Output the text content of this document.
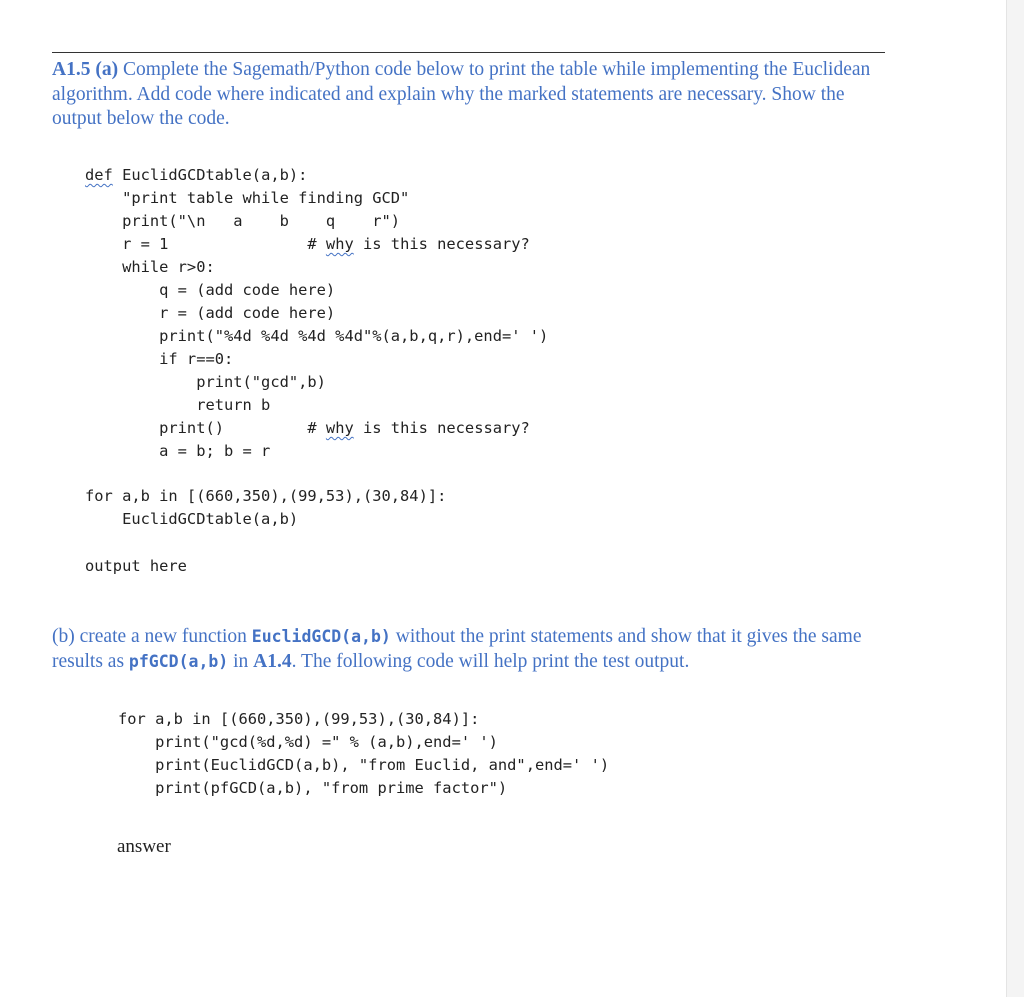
A1.5 (a) Complete the Sagemath/Python code below to print the table while implementing the Euclidean algorithm. Add code where indicated and explain why the marked statements are necessary. Show the output below the code.
def EuclidGCDtable(a,b):
"print table while finding GCD"
print("\n   a    b    q    r")
r = 1               # why is this necessary?
while r>0:
q = (add code here)
r = (add code here)
print("%4d %4d %4d %4d"%(a,b,q,r),end=' ')
if r==0:
print("gcd",b)
return b
print()         # why is this necessary?
a = b; b = r
for a,b in [(660,350),(99,53),(30,84)]:
EuclidGCDtable(a,b)
output here
(b) create a new function EuclidGCD(a,b) without the print statements and show that it gives the same results as pfGCD(a,b) in A1.4. The following code will help print the test output.
for a,b in [(660,350),(99,53),(30,84)]:
print("gcd(%d,%d) =" % (a,b),end=' ')
print(EuclidGCD(a,b), "from Euclid, and",end=' ')
print(pfGCD(a,b), "from prime factor")
answer
